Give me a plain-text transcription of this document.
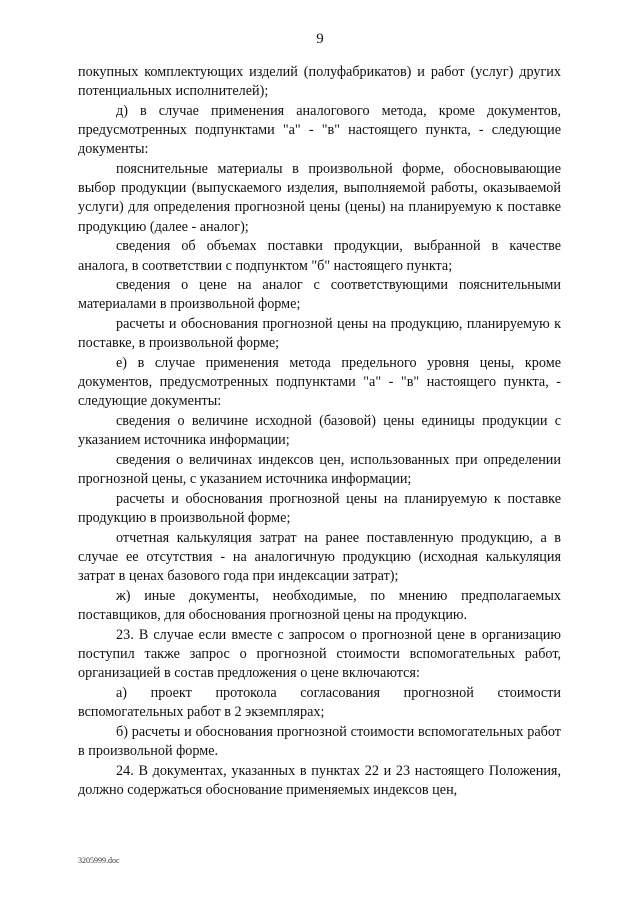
9

покупных комплектующих изделий (полуфабрикатов) и работ (услуг) других потенциальных исполнителей);

д) в случае применения аналогового метода, кроме документов, предусмотренных подпунктами "а" - "в" настоящего пункта, - следующие документы:

пояснительные материалы в произвольной форме, обосновывающие выбор продукции (выпускаемого изделия, выполняемой работы, оказываемой услуги) для определения прогнозной цены (цены) на планируемую к поставке продукцию (далее - аналог);

сведения об объемах поставки продукции, выбранной в качестве аналога, в соответствии с подпунктом "б" настоящего пункта;

сведения о цене на аналог с соответствующими пояснительными материалами в произвольной форме;

расчеты и обоснования прогнозной цены на продукцию, планируемую к поставке, в произвольной форме;

е) в случае применения метода предельного уровня цены, кроме документов, предусмотренных подпунктами "а" - "в" настоящего пункта, - следующие документы:

сведения о величине исходной (базовой) цены единицы продукции с указанием источника информации;

сведения о величинах индексов цен, использованных при определении прогнозной цены, с указанием источника информации;

расчеты и обоснования прогнозной цены на планируемую к поставке продукцию в произвольной форме;

отчетная калькуляция затрат на ранее поставленную продукцию, а в случае ее отсутствия - на аналогичную продукцию (исходная калькуляция затрат в ценах базового года при индексации затрат);

ж) иные документы, необходимые, по мнению предполагаемых поставщиков, для обоснования прогнозной цены на продукцию.

23. В случае если вместе с запросом о прогнозной цене в организацию поступил также запрос о прогнозной стоимости вспомогательных работ, организацией в состав предложения о цене включаются:

а) проект протокола согласования прогнозной стоимости вспомогательных работ в 2 экземплярах;

б) расчеты и обоснования прогнозной стоимости вспомогательных работ в произвольной форме.

24. В документах, указанных в пунктах 22 и 23 настоящего Положения, должно содержаться обоснование применяемых индексов цен,

3205999.doc
